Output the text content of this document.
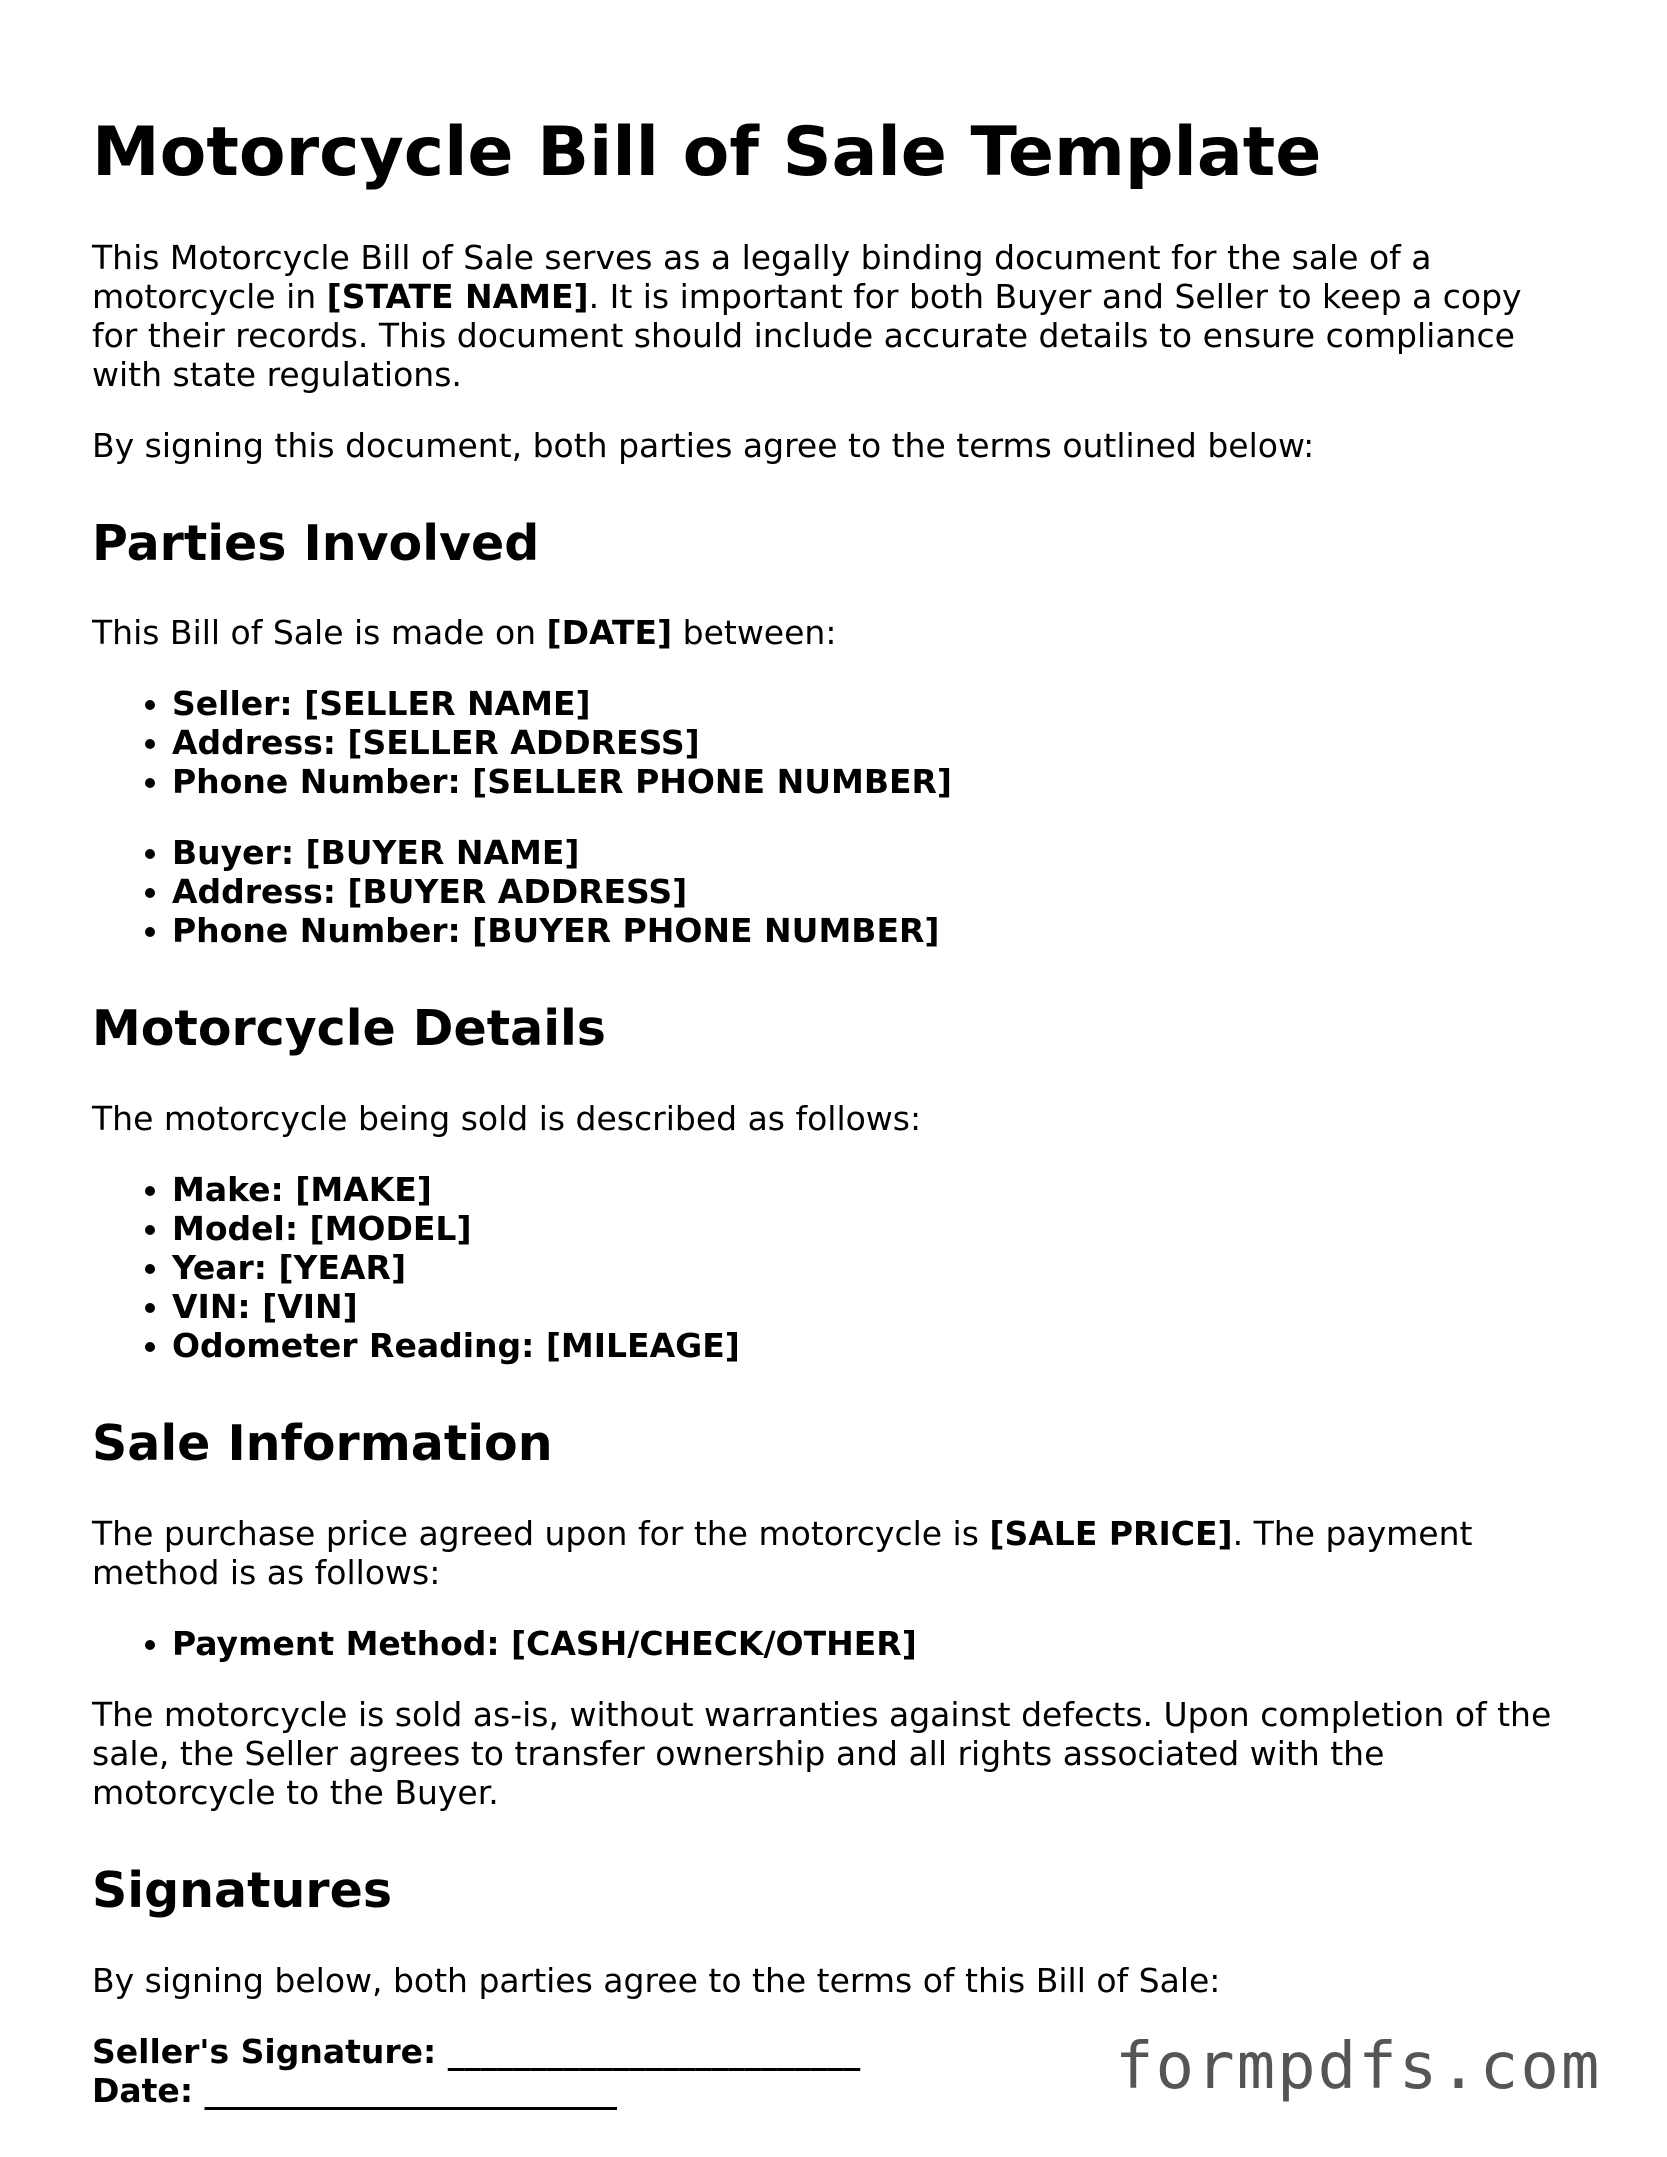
Motorcycle Bill of Sale Template

This Motorcycle Bill of Sale serves as a legally binding document for the sale of a motorcycle in [STATE NAME]. It is important for both Buyer and Seller to keep a copy for their records. This document should include accurate details to ensure compliance with state regulations.

By signing this document, both parties agree to the terms outlined below:

Parties Involved

This Bill of Sale is made on [DATE] between:

• Seller: [SELLER NAME]
• Address: [SELLER ADDRESS]
• Phone Number: [SELLER PHONE NUMBER]
• Buyer: [BUYER NAME]
• Address: [BUYER ADDRESS]
• Phone Number: [BUYER PHONE NUMBER]
Motorcycle Details

The motorcycle being sold is described as follows:

• Make: [MAKE]
• Model: [MODEL]
• Year: [YEAR]
• VIN: [VIN]
• Odometer Reading: [MILEAGE]
Sale Information

The purchase price agreed upon for the motorcycle is [SALE PRICE]. The payment method is as follows:

• Payment Method: [CASH/CHECK/OTHER]

The motorcycle is sold as-is, without warranties against defects. Upon completion of the sale, the Seller agrees to transfer ownership and all rights associated with the motorcycle to the Buyer.

Signatures

By signing below, both parties agree to the terms of this Bill of Sale:

Seller's Signature: _________________________
Date: _________________________	formpdfs.com
